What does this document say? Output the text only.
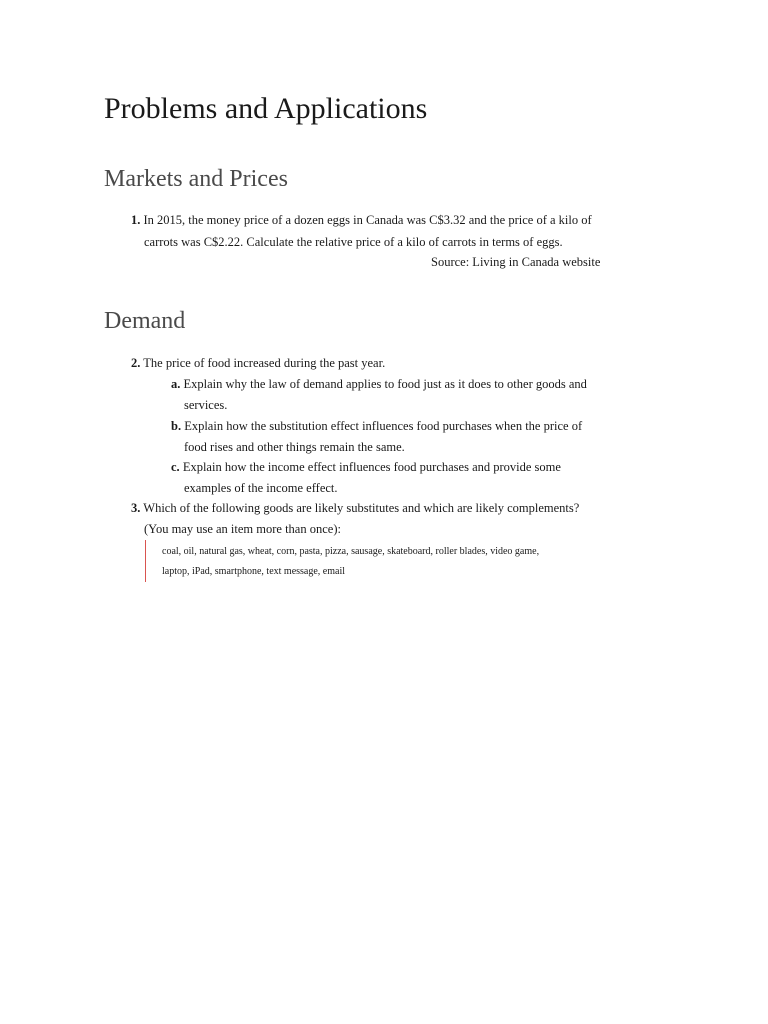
Problems and Applications
Markets and Prices
1. In 2015, the money price of a dozen eggs in Canada was C$3.32 and the price of a kilo of
carrots was C$2.22. Calculate the relative price of a kilo of carrots in terms of eggs.
Source: Living in Canada website
Demand
2. The price of food increased during the past year.
a. Explain why the law of demand applies to food just as it does to other goods and
services.
b. Explain how the substitution effect influences food purchases when the price of
food rises and other things remain the same.
c. Explain how the income effect influences food purchases and provide some
examples of the income effect.
3. Which of the following goods are likely substitutes and which are likely complements?
(You may use an item more than once):
coal, oil, natural gas, wheat, corn, pasta, pizza, sausage, skateboard, roller blades, video game,
laptop, iPad, smartphone, text message, email
